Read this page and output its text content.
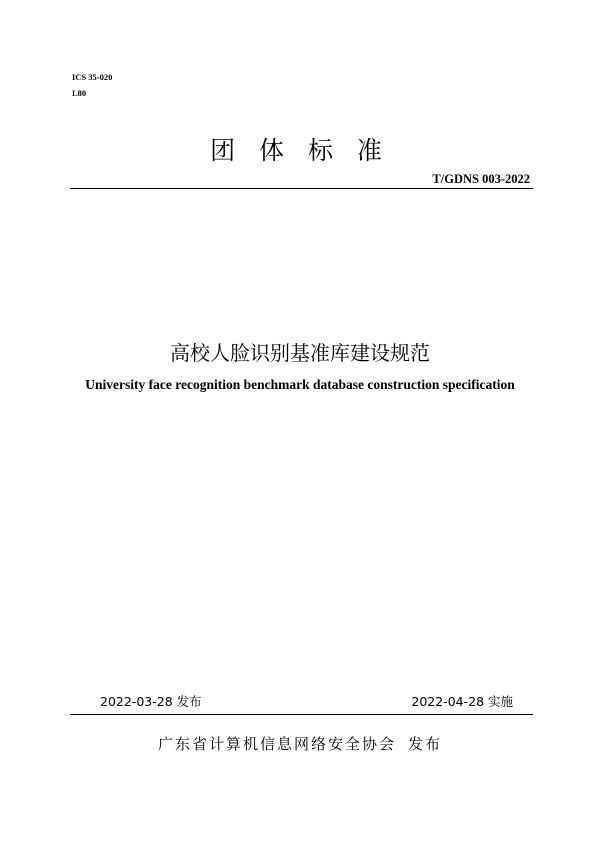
ICS 35-020
L80
团 体 标 准
T/GDNS 003-2022
高校人脸识别基准库建设规范
University face recognition benchmark database construction specification
2022-03-28 发布	2022-04-28 实施
广东省计算机信息网络安全协会 发布
